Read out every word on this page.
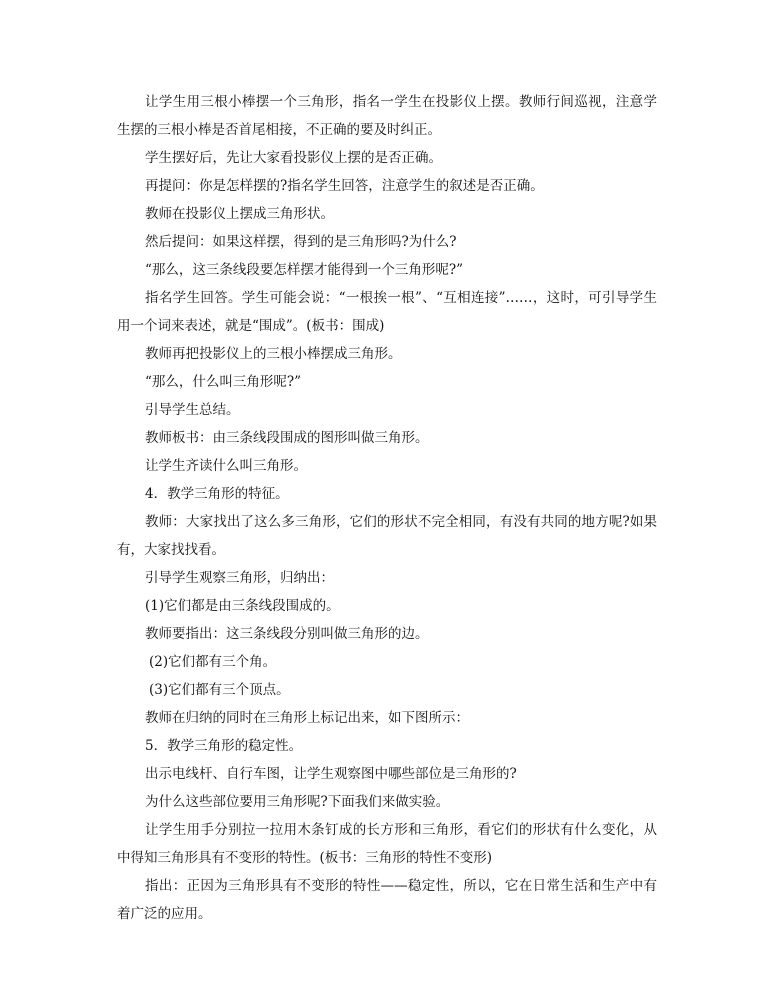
让学生用三根小棒摆一个三角形，指名一学生在投影仪上摆。教师行间巡视，注意学生摆的三根小棒是否首尾相接，不正确的要及时纠正。

学生摆好后，先让大家看投影仪上摆的是否正确。

再提问：你是怎样摆的?指名学生回答，注意学生的叙述是否正确。

教师在投影仪上摆成三角形状。

然后提问：如果这样摆，得到的是三角形吗?为什么?

“那么，这三条线段要怎样摆才能得到一个三角形呢?”

指名学生回答。学生可能会说：“一根挨一根”、“互相连接”……，这时，可引导学生用一个词来表述，就是“围成”。(板书：围成)

教师再把投影仪上的三根小棒摆成三角形。

“那么，什么叫三角形呢?”

引导学生总结。

教师板书：由三条线段围成的图形叫做三角形。

让学生齐读什么叫三角形。

4．教学三角形的特征。

教师：大家找出了这么多三角形，它们的形状不完全相同，有没有共同的地方呢?如果有，大家找找看。

引导学生观察三角形，归纳出：

(1)它们都是由三条线段围成的。

教师要指出：这三条线段分别叫做三角形的边。

(2)它们都有三个角。

(3)它们都有三个顶点。

教师在归纳的同时在三角形上标记出来，如下图所示：

5．教学三角形的稳定性。

出示电线杆、自行车图，让学生观察图中哪些部位是三角形的?

为什么这些部位要用三角形呢?下面我们来做实验。

让学生用手分别拉一拉用木条钉成的长方形和三角形，看它们的形状有什么变化，从中得知三角形具有不变形的特性。(板书：三角形的特性不变形)

指出：正因为三角形具有不变形的特性——稳定性，所以，它在日常生活和生产中有着广泛的应用。
